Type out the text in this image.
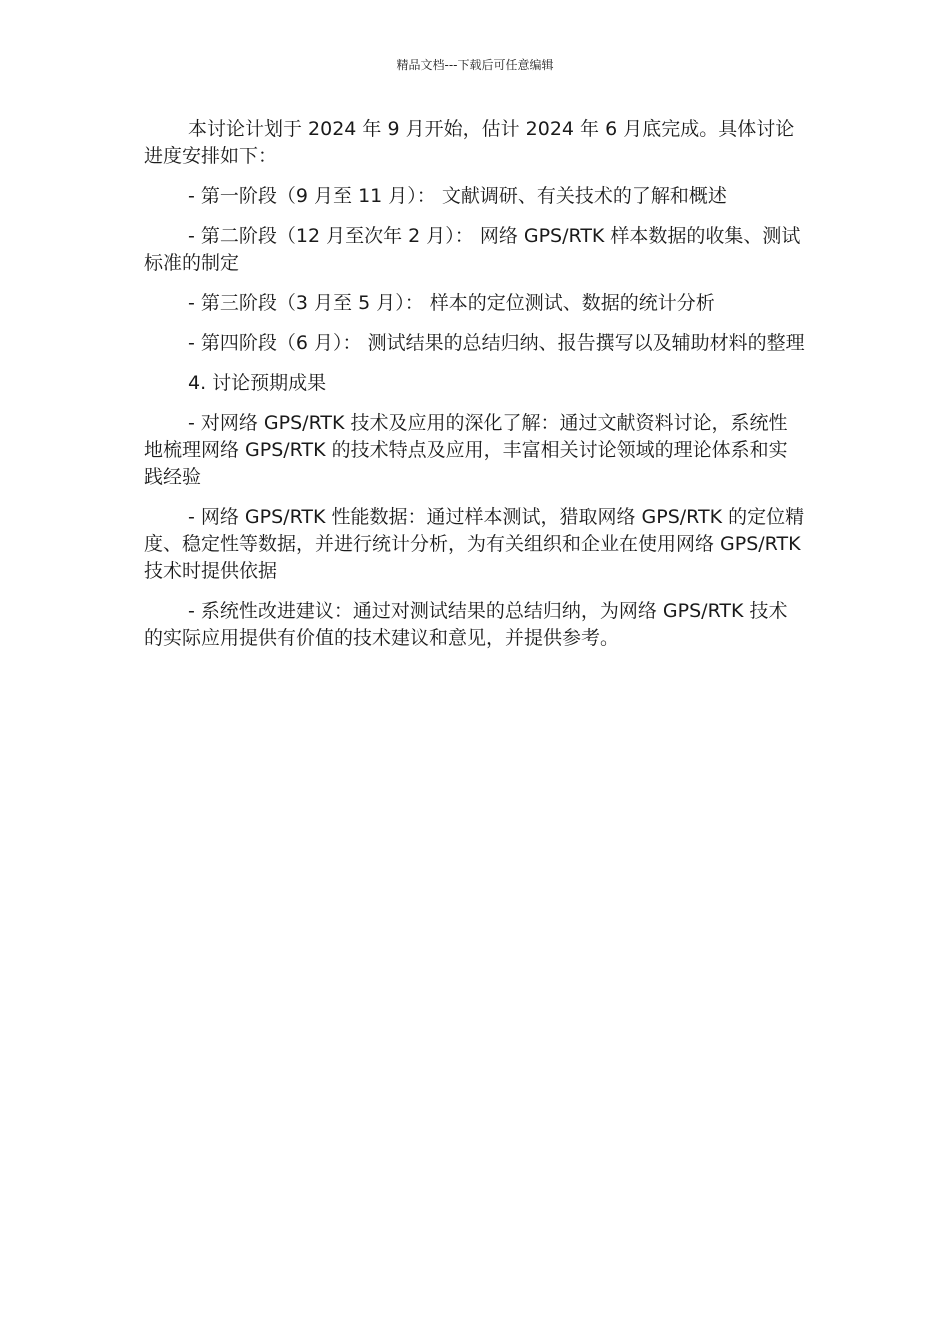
精品文档---下载后可任意编辑

本讨论计划于 2024 年 9 月开始，估计 2024 年 6 月底完成。具体讨论进度安排如下：

- 第一阶段（9 月至 11 月）： 文献调研、有关技术的了解和概述

- 第二阶段（12 月至次年 2 月）： 网络 GPS/RTK 样本数据的收集、测试标准的制定

- 第三阶段（3 月至 5 月）： 样本的定位测试、数据的统计分析

- 第四阶段（6 月）： 测试结果的总结归纳、报告撰写以及辅助材料的整理

4. 讨论预期成果

- 对网络 GPS/RTK 技术及应用的深化了解：通过文献资料讨论，系统性地梳理网络 GPS/RTK 的技术特点及应用，丰富相关讨论领域的理论体系和实践经验

- 网络 GPS/RTK 性能数据：通过样本测试，猎取网络 GPS/RTK 的定位精度、稳定性等数据，并进行统计分析，为有关组织和企业在使用网络 GPS/RTK 技术时提供依据

- 系统性改进建议：通过对测试结果的总结归纳，为网络 GPS/RTK 技术的实际应用提供有价值的技术建议和意见，并提供参考。
